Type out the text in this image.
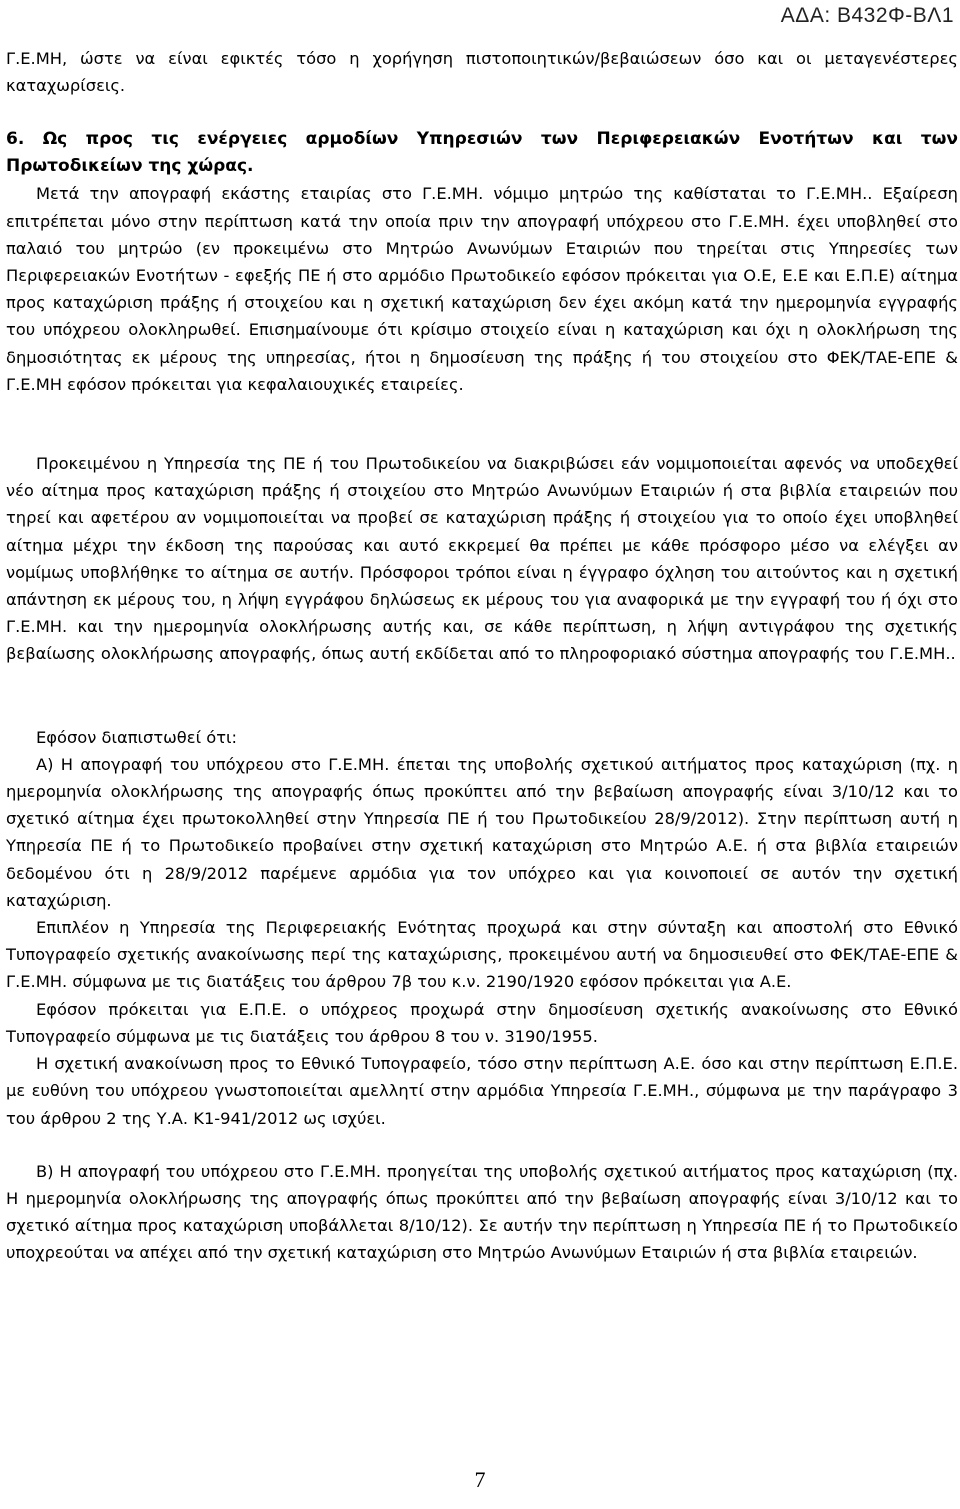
ΑΔΑ: Β432Φ-ΒΛ1

Γ.Ε.ΜΗ, ώστε να είναι εφικτές τόσο η χορήγηση πιστοποιητικών/βεβαιώσεων όσο και οι μεταγενέστερες καταχωρίσεις.

6. Ως προς τις ενέργειες αρμοδίων Υπηρεσιών των Περιφερειακών Ενοτήτων και των Πρωτοδικείων της χώρας.

Μετά την απογραφή εκάστης εταιρίας στο Γ.Ε.ΜΗ. νόμιμο μητρώο της καθίσταται το Γ.Ε.ΜΗ.. Εξαίρεση επιτρέπεται μόνο στην περίπτωση κατά την οποία πριν την απογραφή υπόχρεου στο Γ.Ε.ΜΗ. έχει υποβληθεί στο παλαιό του μητρώο (εν προκειμένω στο Μητρώο Ανωνύμων Εταιριών που τηρείται στις Υπηρεσίες των Περιφερειακών Ενοτήτων - εφεξής ΠΕ ή στο αρμόδιο Πρωτοδικείο εφόσον πρόκειται για Ο.Ε, Ε.Ε και Ε.Π.Ε) αίτημα προς καταχώριση πράξης ή στοιχείου και η σχετική καταχώριση δεν έχει ακόμη κατά την ημερομηνία εγγραφής του υπόχρεου ολοκληρωθεί. Επισημαίνουμε ότι κρίσιμο στοιχείο είναι η καταχώριση και όχι η ολοκλήρωση της δημοσιότητας εκ μέρους της υπηρεσίας, ήτοι η δημοσίευση της πράξης ή του στοιχείου στο ΦΕΚ/ΤΑΕ-ΕΠΕ & Γ.Ε.ΜΗ εφόσον πρόκειται για κεφαλαιουχικές εταιρείες.

Προκειμένου η Υπηρεσία της ΠΕ ή του Πρωτοδικείου να διακριβώσει εάν νομιμοποιείται αφενός να υποδεχθεί νέο αίτημα προς καταχώριση πράξης ή στοιχείου στο Μητρώο Ανωνύμων Εταιριών ή στα βιβλία εταιρειών που τηρεί και αφετέρου αν νομιμοποιείται να προβεί σε καταχώριση πράξης ή στοιχείου για το οποίο έχει υποβληθεί αίτημα μέχρι την έκδοση της παρούσας και αυτό εκκρεμεί θα πρέπει με κάθε πρόσφορο μέσο να ελέγξει αν νομίμως υποβλήθηκε το αίτημα σε αυτήν. Πρόσφοροι τρόποι είναι η έγγραφο όχληση του αιτούντος και η σχετική απάντηση εκ μέρους του, η λήψη εγγράφου δηλώσεως εκ μέρους του για αναφορικά με την εγγραφή του ή όχι στο Γ.Ε.ΜΗ. και την ημερομηνία ολοκλήρωσης αυτής και, σε κάθε περίπτωση, η λήψη αντιγράφου της σχετικής βεβαίωσης ολοκλήρωσης απογραφής, όπως αυτή εκδίδεται από το πληροφοριακό σύστημα απογραφής του Γ.Ε.ΜΗ..

Εφόσον διαπιστωθεί ότι:

Α) Η απογραφή του υπόχρεου στο Γ.Ε.ΜΗ. έπεται της υποβολής σχετικού αιτήματος προς καταχώριση (πχ. η ημερομηνία ολοκλήρωσης της απογραφής όπως προκύπτει από την βεβαίωση απογραφής είναι 3/10/12 και το σχετικό αίτημα έχει πρωτοκολληθεί στην Υπηρεσία ΠΕ ή του Πρωτοδικείου 28/9/2012). Στην περίπτωση αυτή η Υπηρεσία ΠΕ ή το Πρωτοδικείο προβαίνει στην σχετική καταχώριση στο Μητρώο Α.Ε. ή στα βιβλία εταιρειών δεδομένου ότι η 28/9/2012 παρέμενε αρμόδια για τον υπόχρεο και για κοινοποιεί σε αυτόν την σχετική καταχώριση.

Επιπλέον η Υπηρεσία της Περιφερειακής Ενότητας προχωρά και στην σύνταξη και αποστολή στο Εθνικό Τυπογραφείο σχετικής ανακοίνωσης περί της καταχώρισης, προκειμένου αυτή να δημοσιευθεί στο ΦΕΚ/ΤΑΕ-ΕΠΕ & Γ.Ε.ΜΗ. σύμφωνα με τις διατάξεις του άρθρου 7β του κ.ν. 2190/1920 εφόσον πρόκειται για Α.Ε.

Εφόσον πρόκειται για Ε.Π.Ε. ο υπόχρεος προχωρά στην δημοσίευση σχετικής ανακοίνωσης στο Εθνικό Τυπογραφείο σύμφωνα με τις διατάξεις του άρθρου 8 του ν. 3190/1955.

Η σχετική ανακοίνωση προς το Εθνικό Τυπογραφείο, τόσο στην περίπτωση Α.Ε. όσο και στην περίπτωση Ε.Π.Ε. με ευθύνη του υπόχρεου γνωστοποιείται αμελλητί στην αρμόδια Υπηρεσία Γ.Ε.ΜΗ., σύμφωνα με την παράγραφο 3 του άρθρου 2 της Υ.Α. Κ1-941/2012 ως ισχύει.

Β) Η απογραφή του υπόχρεου στο Γ.Ε.ΜΗ. προηγείται της υποβολής σχετικού αιτήματος προς καταχώριση (πχ. Η ημερομηνία ολοκλήρωσης της απογραφής όπως προκύπτει από την βεβαίωση απογραφής είναι 3/10/12 και το σχετικό αίτημα προς καταχώριση υποβάλλεται 8/10/12). Σε αυτήν την περίπτωση η Υπηρεσία ΠΕ ή το Πρωτοδικείο υποχρεούται να απέχει από την σχετική καταχώριση στο Μητρώο Ανωνύμων Εταιριών ή στα βιβλία εταιρειών.

7
